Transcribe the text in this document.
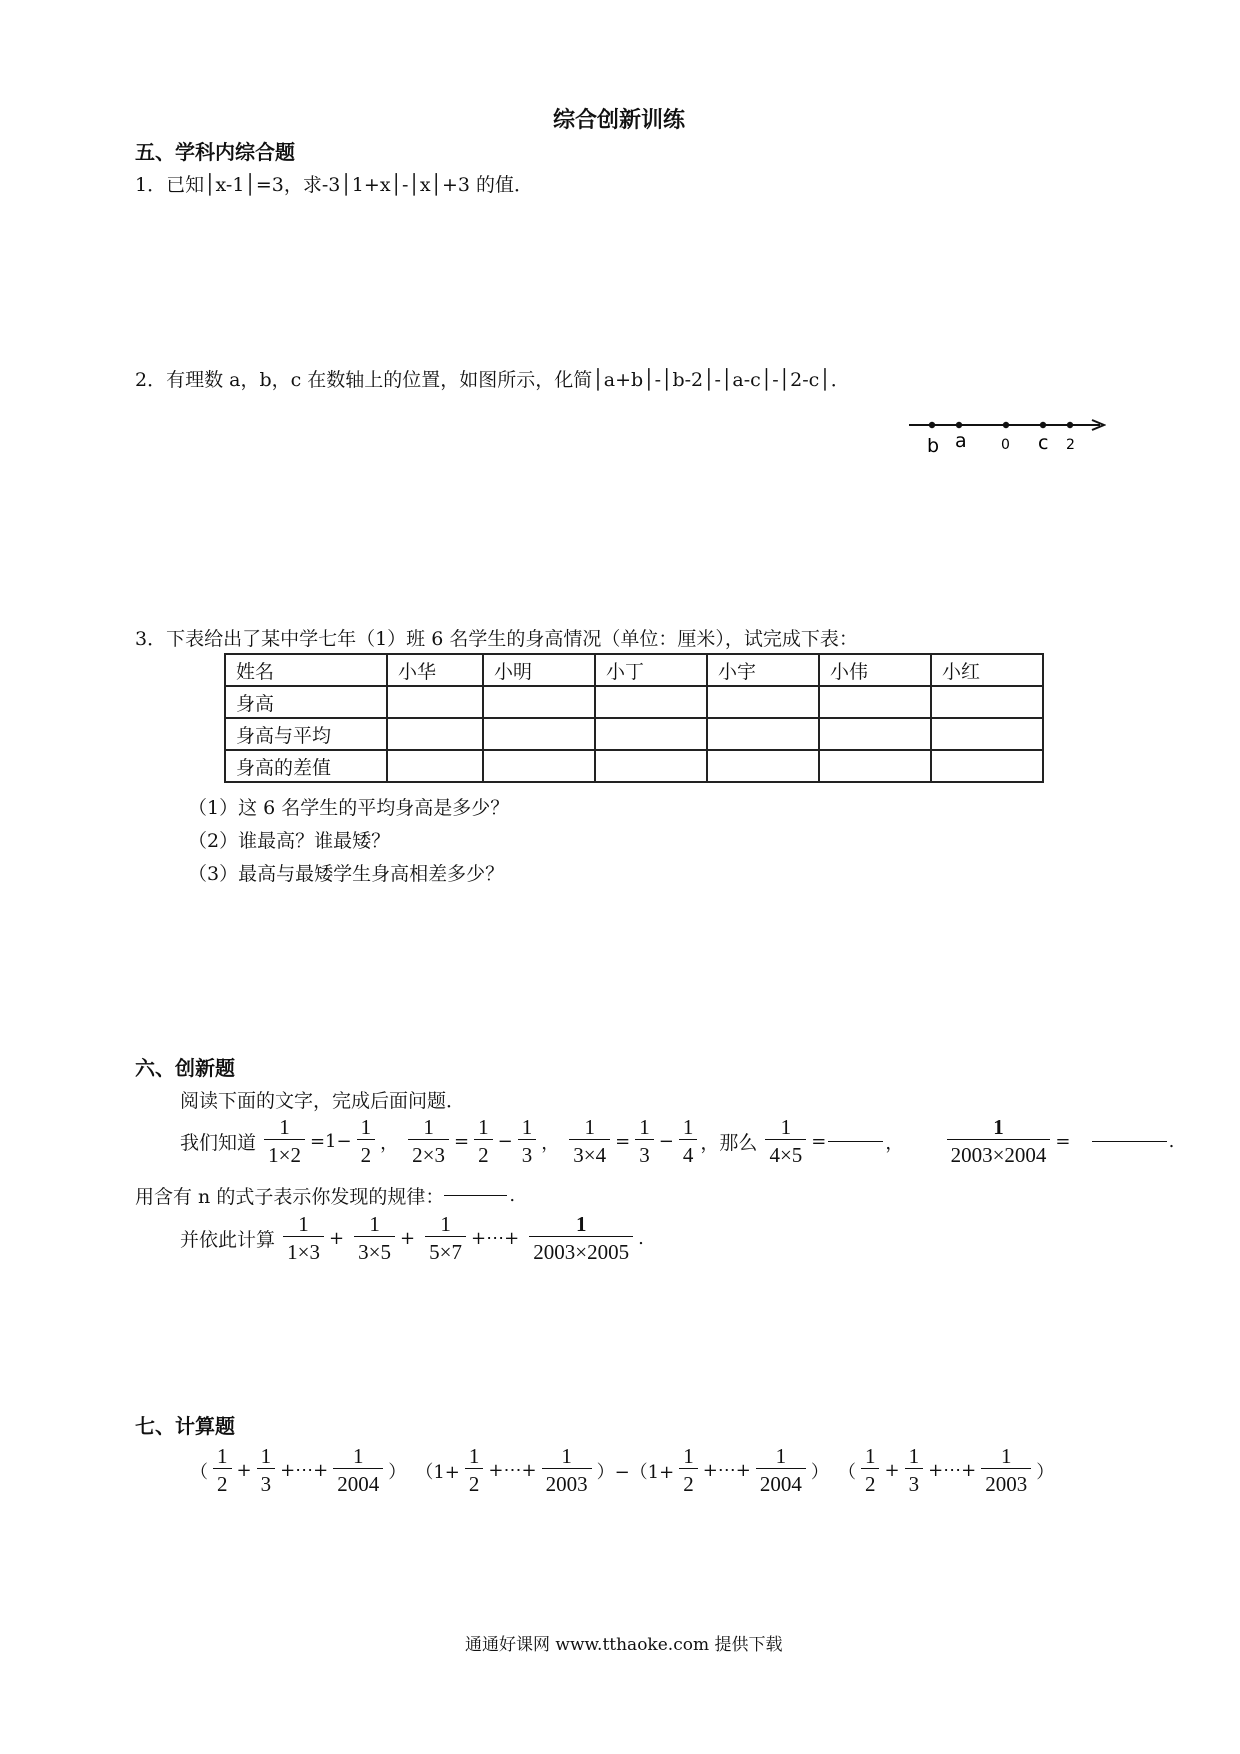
综合创新训练
五、学科内综合题
1．已知│x-1│=3，求-3│1+x│-│x│+3 的值．
2．有理数 a，b，c 在数轴上的位置，如图所示，化简│a+b│-│b-2│-│a-c│-│2-c│．
b a 0 c 2
3．下表给出了某中学七年（1）班 6 名学生的身高情况（单位：厘米），试完成下表：
姓名	小华	小明	小丁	小宇	小伟	小红
身高						
身高与平均						
身高的差值						
（1）这 6 名学生的平均身高是多少？
（2）谁最高？谁最矮？
（3）最高与最矮学生身高相差多少？
六、创新题
阅读下面的文字，完成后面问题．
我们知道 $\frac{1}{1\times 2} =1- \frac{1}{2}$ ， $\frac{1}{2\times 3} = \frac{1}{2} - \frac{1}{3}$ ， $\frac{1}{3\times 4} = \frac{1}{3} - \frac{1}{4}$ ，那么 $\frac{1}{4\times 5}$ =	， $\frac{1}{2003\times 2004}$ =	.
用含有 n 的式子表示你发现的规律：	.
并依此计算 $\frac{1}{1\times 3} + \frac{1}{3\times 5} + \frac{1}{5\times 7}$ +⋯+ $\frac{1}{2003\times 2005}$ .
七、计算题
（ $\frac{1}{2} + \frac{1}{3}$ +⋯+ $\frac{1}{2004}$ ） （$1+ \frac{1}{2}$ +⋯+ $\frac{1}{2003} )-(1+ \frac{1}{2}$ +⋯+ $\frac{1}{2004}$ ） （ $\frac{1}{2} + \frac{1}{3}$ +⋯+ $\frac{1}{2003}$ ）
通通好课网 www.tthaoke.com 提供下载
